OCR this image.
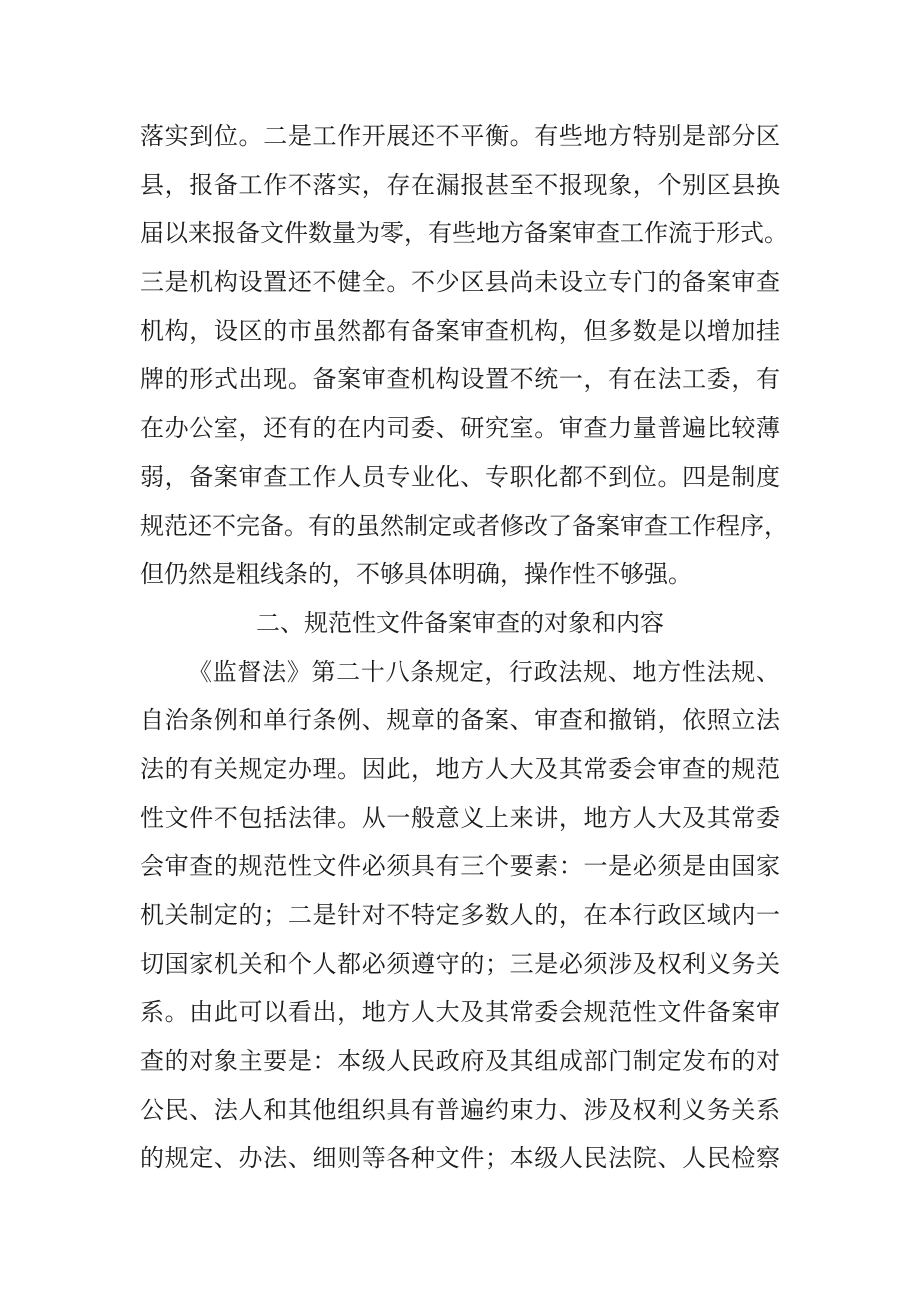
落实到位。二是工作开展还不平衡。有些地方特别是部分区
县，报备工作不落实，存在漏报甚至不报现象，个别区县换
届以来报备文件数量为零，有些地方备案审查工作流于形式。
三是机构设置还不健全。不少区县尚未设立专门的备案审查
机构，设区的市虽然都有备案审查机构，但多数是以增加挂
牌的形式出现。备案审查机构设置不统一，有在法工委，有
在办公室，还有的在内司委、研究室。审查力量普遍比较薄
弱，备案审查工作人员专业化、专职化都不到位。四是制度
规范还不完备。有的虽然制定或者修改了备案审查工作程序，
但仍然是粗线条的，不够具体明确，操作性不够强。
二、规范性文件备案审查的对象和内容
《监督法》第二十八条规定，行政法规、地方性法规、
自治条例和单行条例、规章的备案、审查和撤销，依照立法
法的有关规定办理。因此，地方人大及其常委会审查的规范
性文件不包括法律。从一般意义上来讲，地方人大及其常委
会审查的规范性文件必须具有三个要素：一是必须是由国家
机关制定的；二是针对不特定多数人的，在本行政区域内一
切国家机关和个人都必须遵守的；三是必须涉及权利义务关
系。由此可以看出，地方人大及其常委会规范性文件备案审
查的对象主要是：本级人民政府及其组成部门制定发布的对
公民、法人和其他组织具有普遍约束力、涉及权利义务关系
的规定、办法、细则等各种文件；本级人民法院、人民检察
